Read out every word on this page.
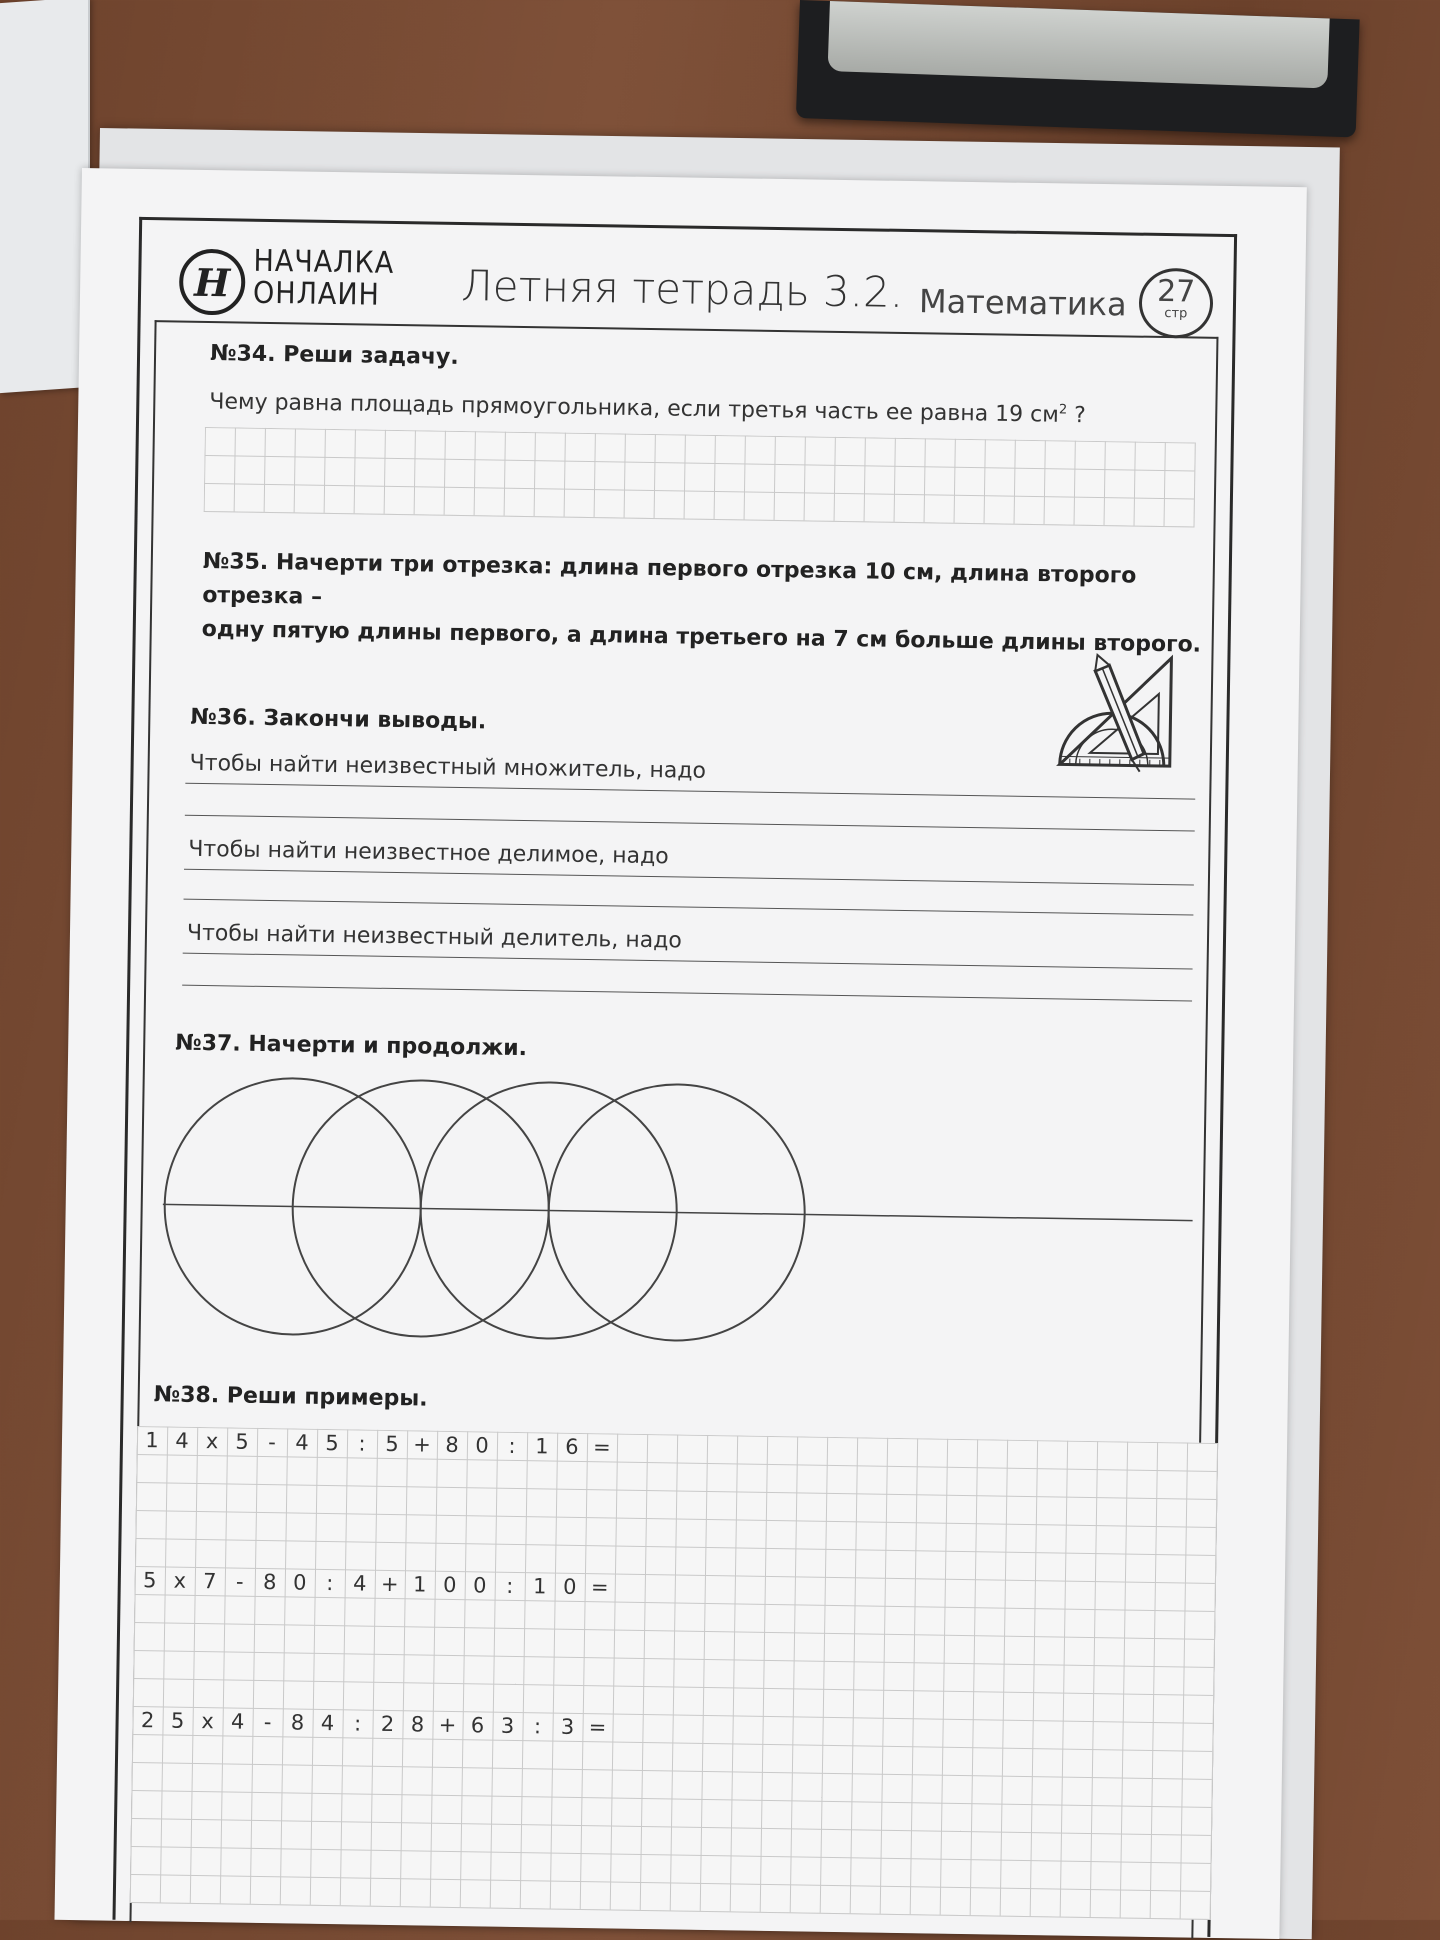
Н НАЧАЛКА
ОНЛАИН	Летняя тетрадь 3.2. Математика 27
стр
№34. Реши задачу.
Чему равна площадь прямоугольника, если третья часть ее равна 19 $см^2$ ?
№35. Начерти три отрезка: длина первого отрезка 10 см, длина второго отрезка –
одну пятую длины первого, а длина третьего на 7 см больше длины второго.
№36. Закончи выводы.
Чтобы найти неизвестный множитель, надо
Чтобы найти неизвестное делимое, надо
Чтобы найти неизвестный делитель, надо
№37. Начерти и продолжи.
№38. Реши примеры.
1 4 х 5 - 4 5 : 5 + 8 0 : 1 6 =
5 х 7 - 8 0 : 4 + 1 0 0 : 1 0 =
2 5 х 4 - 8 4 : 2 8 + 6 3 : 3 =
